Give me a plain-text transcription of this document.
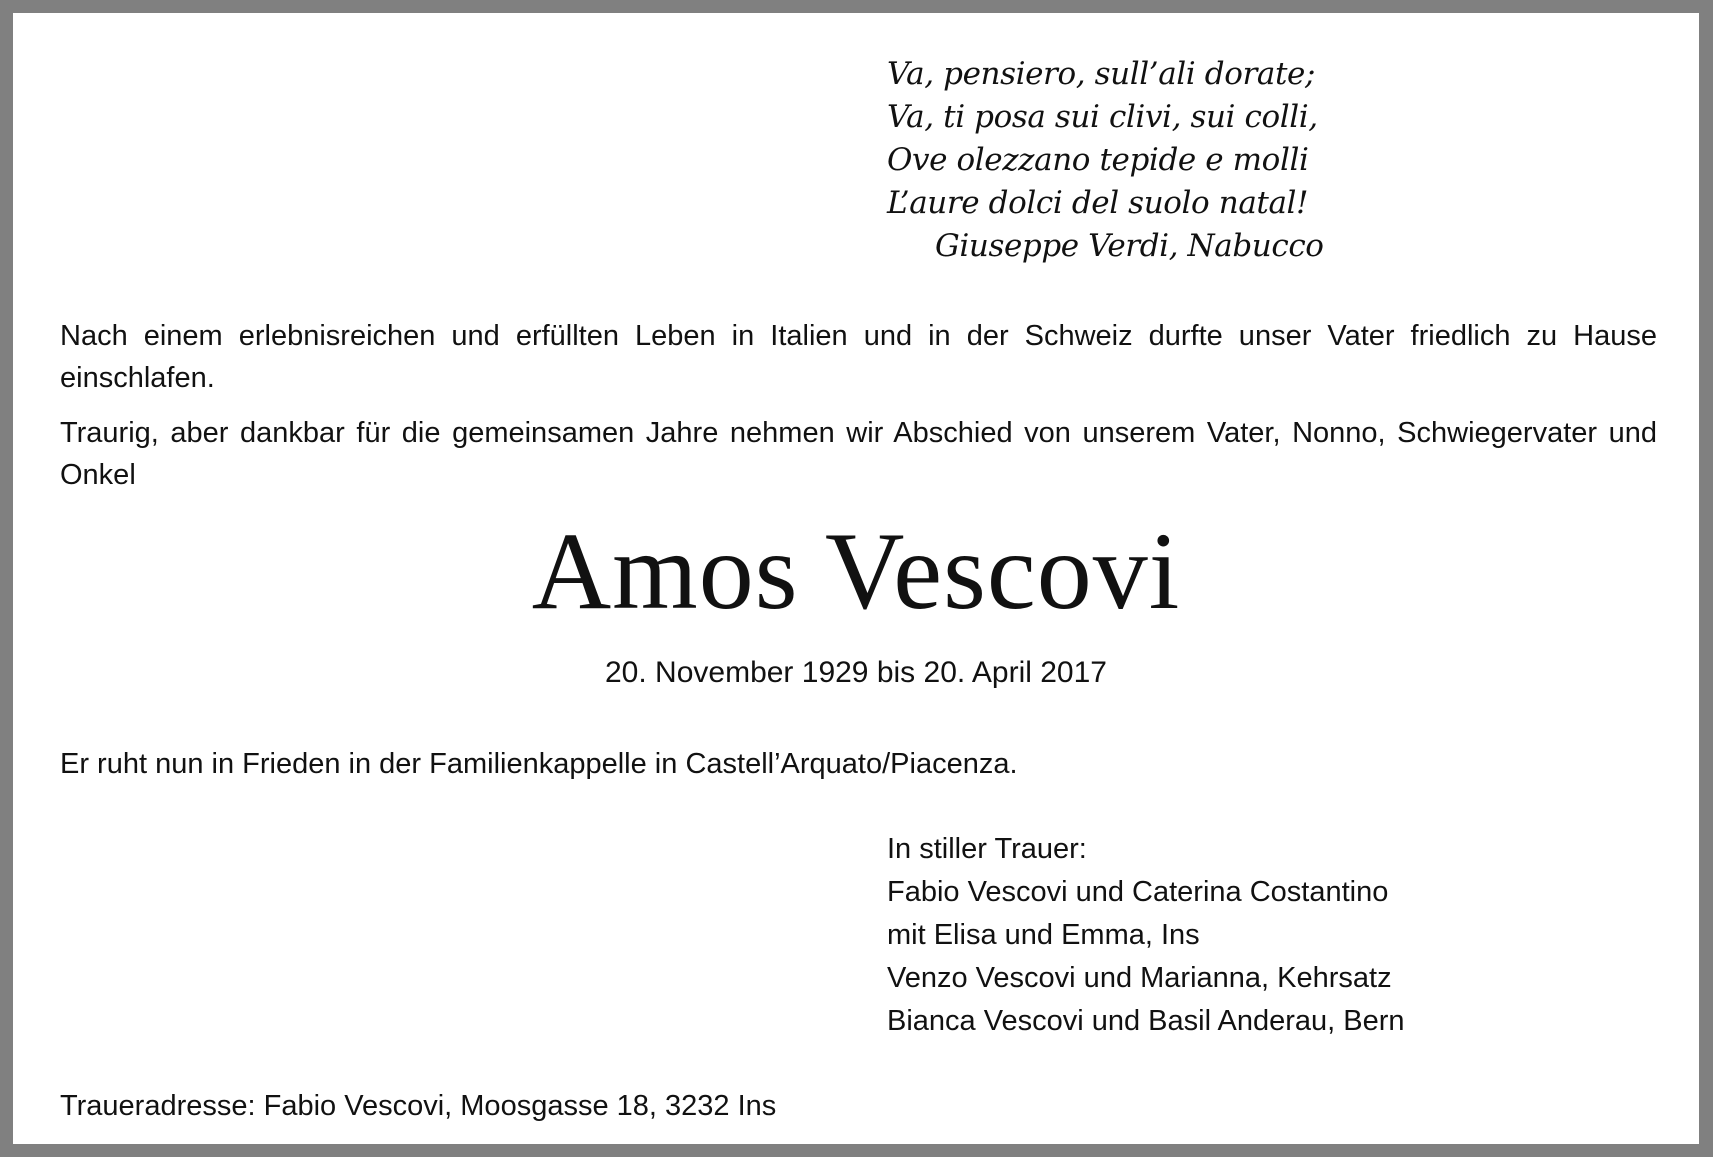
Va, pensiero, sull’ali dorate;
Va, ti posa sui clivi, sui colli,
Ove olezzano tepide e molli
L’aure dolci del suolo natal!
Giuseppe Verdi, Nabucco

Nach einem erlebnisreichen und erfüllten Leben in Italien und in der Schweiz durfte unser Vater friedlich zu Hause einschlafen.

Traurig, aber dankbar für die gemeinsamen Jahre nehmen wir Abschied von unserem Vater, Nonno, Schwiegervater und Onkel

Amos Vescovi
20. November 1929 bis 20. April 2017
Er ruht nun in Frieden in der Familienkappelle in Castell’Arquato/Piacenza.
In stiller Trauer:
Fabio Vescovi und Caterina Costantino
mit Elisa und Emma, Ins
Venzo Vescovi und Marianna, Kehrsatz
Bianca Vescovi und Basil Anderau, Bern
Traueradresse: Fabio Vescovi, Moosgasse 18, 3232 Ins
